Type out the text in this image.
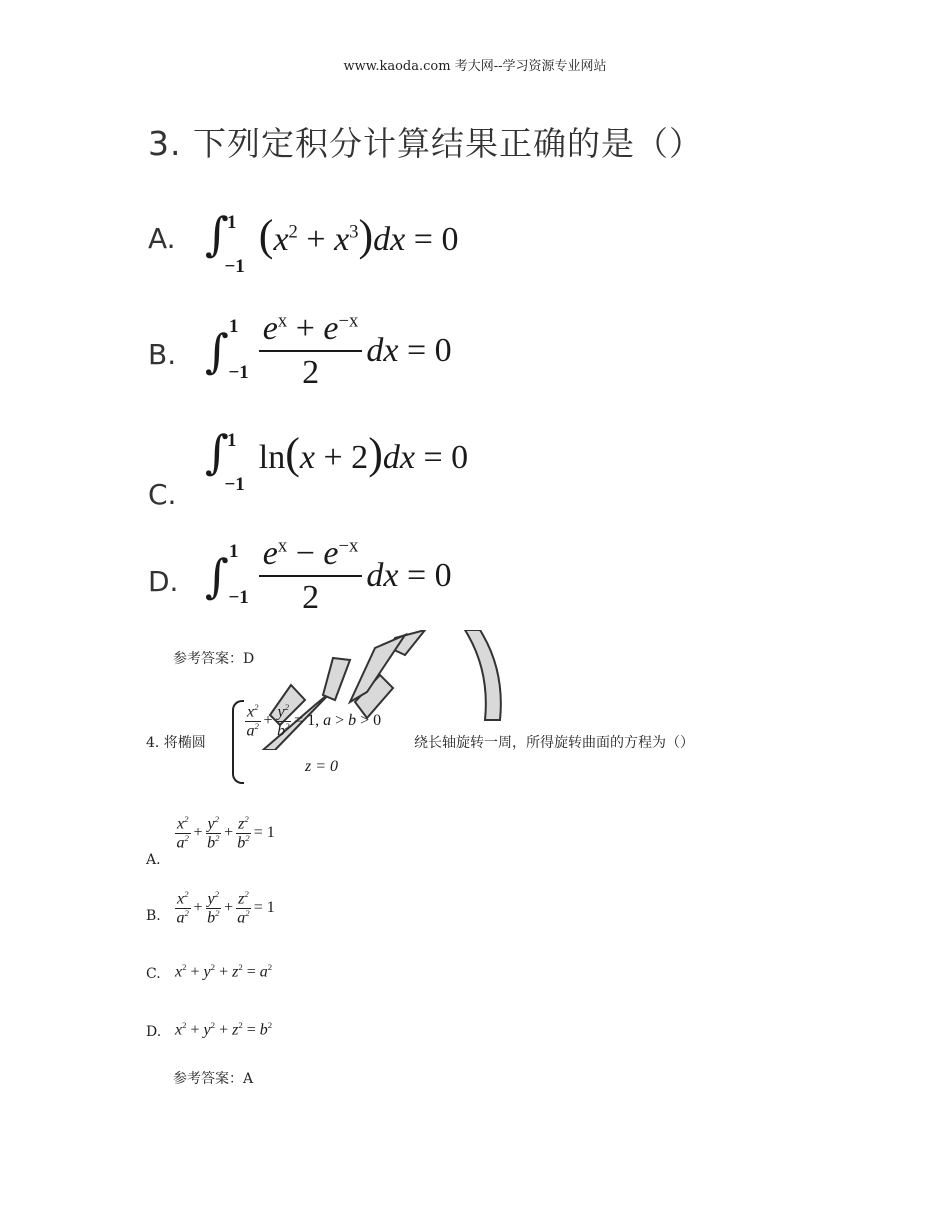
www.kaoda.com 考大网--学习资源专业网站
3. 下列定积分计算结果正确的是（）
A. $\int^1_{-1}(x^2 + x^3)dx = 0$
B. ∫ 1
$-1 \frac{e^x + e^{-x}}{2}$ dx = 0
C.
∫$^1_{-1}$ln(x + 2)dx = 0
D. ∫ 1
$-1 \frac{e^x - e^{-x}}{2}$ dx = 0
参考答案：D
4. 将椭圆
$\frac{x^2}{a^2} + \frac{y^2}{b^2} = 1$, a > b > 0
z = 0
绕长轴旋转一周，所得旋转曲面的方程为（）
A.
$\frac{x^2}{a^2} + \frac{y^2}{b^2} + \frac{z^2}{b^2} = 1$
B. $\frac{x^2}{a^2} + \frac{y^2}{b^2} + \frac{z^2}{a^2} = 1$
C. $x^2 + y^2 + z^2 = a^2$
D. $x^2 + y^2 + z^2 = b^2$
参考答案：A
